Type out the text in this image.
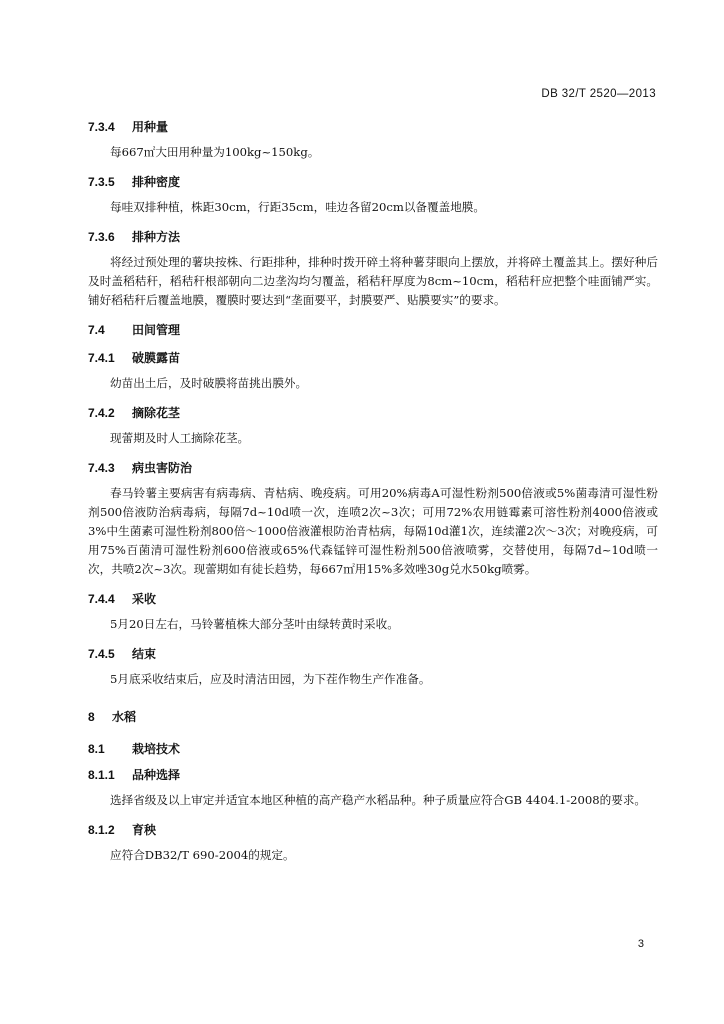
DB 32/T 2520—2013
7.3.4 用种量

每667㎡大田用种量为100kg~150kg。

7.3.5 排种密度

每哇双排种植，株距30cm，行距35cm，哇边各留20cm以备覆盖地膜。

7.3.6 排种方法

将经过预处理的薯块按株、行距排种，排种时拨开碎土将种薯芽眼向上摆放，并将碎土覆盖其上。摆好种后及时盖稻秸秆，稻秸秆根部朝向二边垄沟均匀覆盖，稻秸秆厚度为8cm~10cm，稻秸秆应把整个哇面铺严实。铺好稻秸秆后覆盖地膜，覆膜时要达到“垄面要平，封膜要严、贴膜要实”的要求。

7.4 田间管理
7.4.1 破膜露苗

幼苗出土后，及时破膜将苗挑出膜外。

7.4.2 摘除花茎

现蕾期及时人工摘除花茎。

7.4.3 病虫害防治

春马铃薯主要病害有病毒病、青枯病、晚疫病。可用20%病毒A可湿性粉剂500倍液或5%菌毒清可湿性粉剂500倍液防治病毒病，每隔7d~10d喷一次，连喷2次~3次；可用72%农用链霉素可溶性粉剂4000倍液或3%中生菌素可湿性粉剂800倍～1000倍液灌根防治青枯病，每隔10d灌1次，连续灌2次～3次；对晚疫病，可用75%百菌清可湿性粉剂600倍液或65%代森锰锌可湿性粉剂500倍液喷雾，交替使用，每隔7d~10d喷一次，共喷2次~3次。现蕾期如有徒长趋势，每667㎡用15%多效唑30g兑水50kg喷雾。

7.4.4 采收

5月20日左右，马铃薯植株大部分茎叶由绿转黄时采收。

7.4.5 结束

5月底采收结束后，应及时清洁田园，为下茬作物生产作准备。

8 水稻
8.1 栽培技术
8.1.1 品种选择

选择省级及以上审定并适宜本地区种植的高产稳产水稻品种。种子质量应符合GB 4404.1-2008的要求。

8.1.2 育秧

应符合DB32/T 690-2004的规定。

3
